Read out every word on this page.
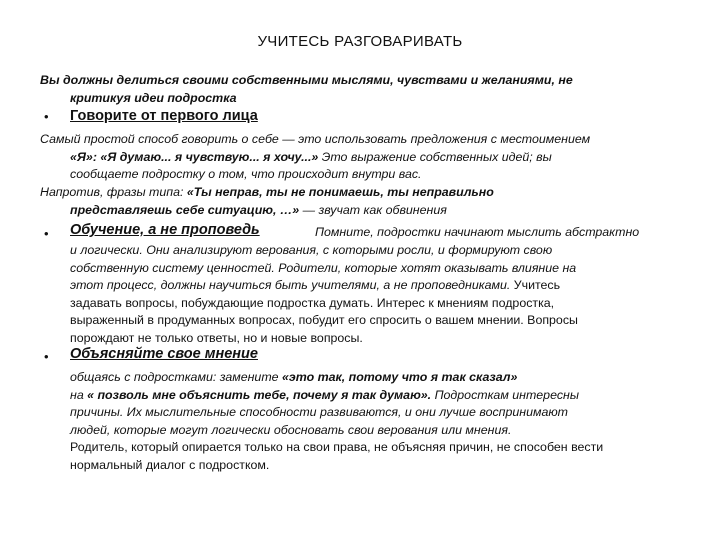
УЧИТЕСЬ РАЗГОВАРИВАТЬ
Вы должны делиться своими собственными мыслями, чувствами и желаниями, не
критикуя идеи подростка
• Говорите от первого лица
Самый простой способ говорить о себе — это использовать предложения с местоимением
«Я»: «Я думаю... я чувствую... я хочу...» Это выражение собственных идей; вы
сообщаете подростку о том, что происходит внутри вас.
Напротив, фразы типа: «Ты неправ, ты не понимаешь, ты неправильно
представляешь себе ситуацию, …» — звучат как обвинения
• Обучение, а не проповедь	Помните, подростки начинают мыслить абстрактно
и логически. Они анализируют верования, с которыми росли, и формируют свою
собственную систему ценностей. Родители, которые хотят оказывать влияние на
этот процесс, должны научиться быть учителями, а не проповедниками. Учитесь
задавать вопросы, побуждающие подростка думать. Интерес к мнениям подростка,
выраженный в продуманных вопросах, побудит его спросить о вашем мнении. Вопросы
порождают не только ответы, но и новые вопросы.
• Объясняйте свое мнение
общаясь с подростками: замените «это так, потому что я так сказал»
на « позволь мне объяснить тебе, почему я так думаю». Подросткам интересны
причины. Их мыслительные способности развиваются, и они лучше воспринимают
людей, которые могут логически обосновать свои верования или мнения.
Родитель, который опирается только на свои права, не объясняя причин, не способен вести
нормальный диалог с подростком.
